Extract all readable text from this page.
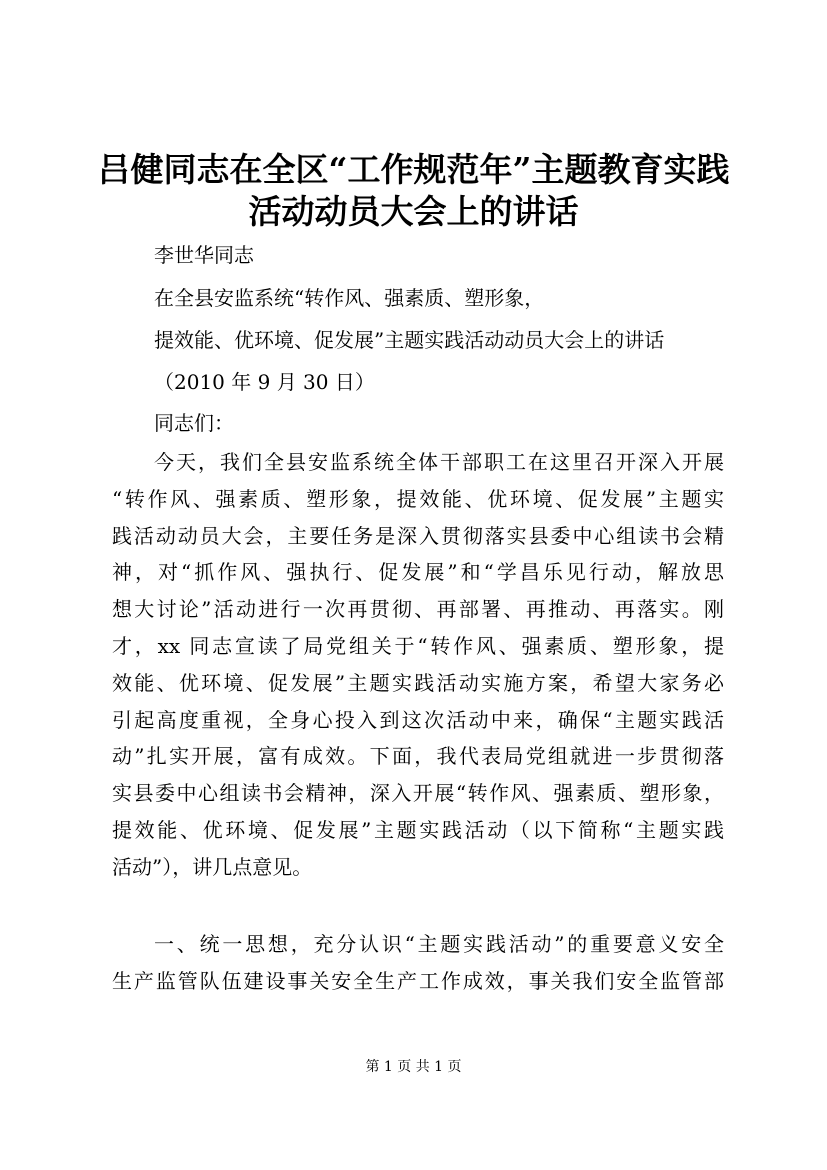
吕健同志在全区“工作规范年”主题教育实践
活动动员大会上的讲话
李世华同志
在全县安监系统“转作风、强素质、塑形象，
提效能、优环境、促发展”主题实践活动动员大会上的讲话
（2010 年 9 月 30 日）
同志们：
今天，我们全县安监系统全体干部职工在这里召开深入开展
“转作风、强素质、塑形象，提效能、优环境、促发展”主题实
践活动动员大会，主要任务是深入贯彻落实县委中心组读书会精
神，对“抓作风、强执行、促发展”和“学昌乐见行动，解放思
想大讨论”活动进行一次再贯彻、再部署、再推动、再落实。刚
才，xx 同志宣读了局党组关于“转作风、强素质、塑形象，提
效能、优环境、促发展”主题实践活动实施方案，希望大家务必
引起高度重视，全身心投入到这次活动中来，确保“主题实践活
动”扎实开展，富有成效。下面，我代表局党组就进一步贯彻落
实县委中心组读书会精神，深入开展“转作风、强素质、塑形象，
提效能、优环境、促发展”主题实践活动（以下简称“主题实践
活动”），讲几点意见。
一、统一思想，充分认识“主题实践活动”的重要意义安全
生产监管队伍建设事关安全生产工作成效，事关我们安全监管部
第 1 页 共 1 页
